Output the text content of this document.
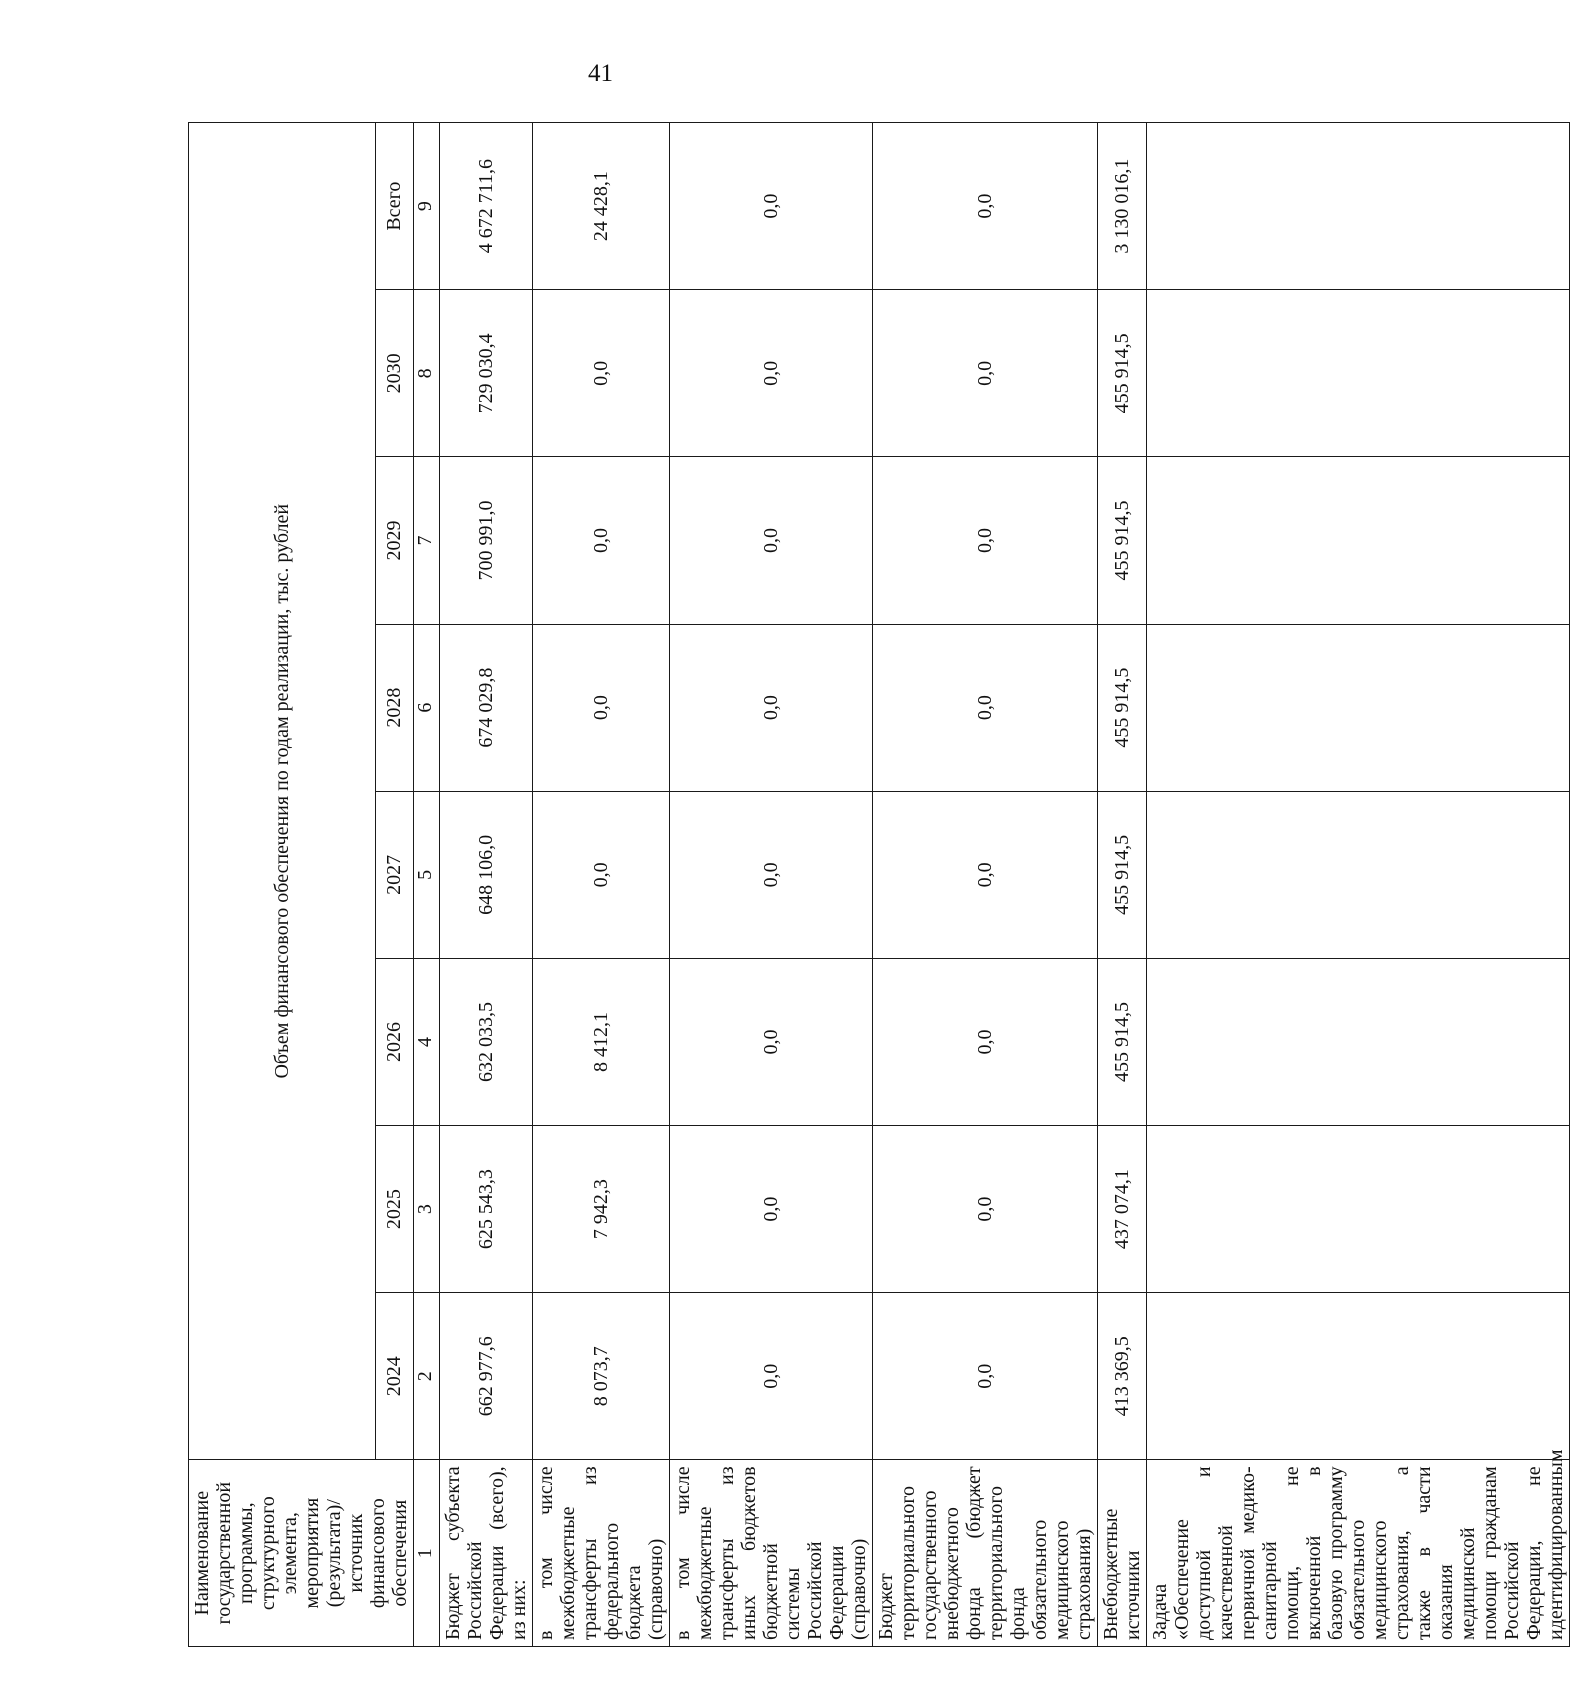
41
Наименование государственной программы, структурного элемента, мероприятия (результата)/источник финансового обеспечения	Объем финансового обеспечения по годам реализации, тыс. рублей							
	2024	2025	2026	2027	2028	2029	2030	Всего
1	2	3	4	5	6	7	8	9
Бюджет субъекта Российской Федерации (всего), из них:	662 977,6	625 543,3	632 033,5	648 106,0	674 029,8	700 991,0	729 030,4	4 672 711,6
в том числе межбюджетные трансферты из федерального бюджета (справочно)	8 073,7	7 942,3	8 412,1	0,0	0,0	0,0	0,0	24 428,1
в том числе межбюджетные трансферты из иных бюджетов бюджетной системы Российской Федерации (справочно)	0,0	0,0	0,0	0,0	0,0	0,0	0,0	0,0
Бюджет территориального государственного внебюджетного фонда (бюджет территориального фонда обязательного медицинского страхования)	0,0	0,0	0,0	0,0	0,0	0,0	0,0	0,0
Внебюджетные источники	413 369,5	437 074,1	455 914,5	455 914,5	455 914,5	455 914,5	455 914,5	3 130 016,1
Задача «Обеспечение доступной и качественной первичной медико-санитарной помощи, не включенной в базовую программу обязательного медицинского страхования, а также в части оказания медицинской помощи гражданам Российской Федерации, не идентифицированным								
